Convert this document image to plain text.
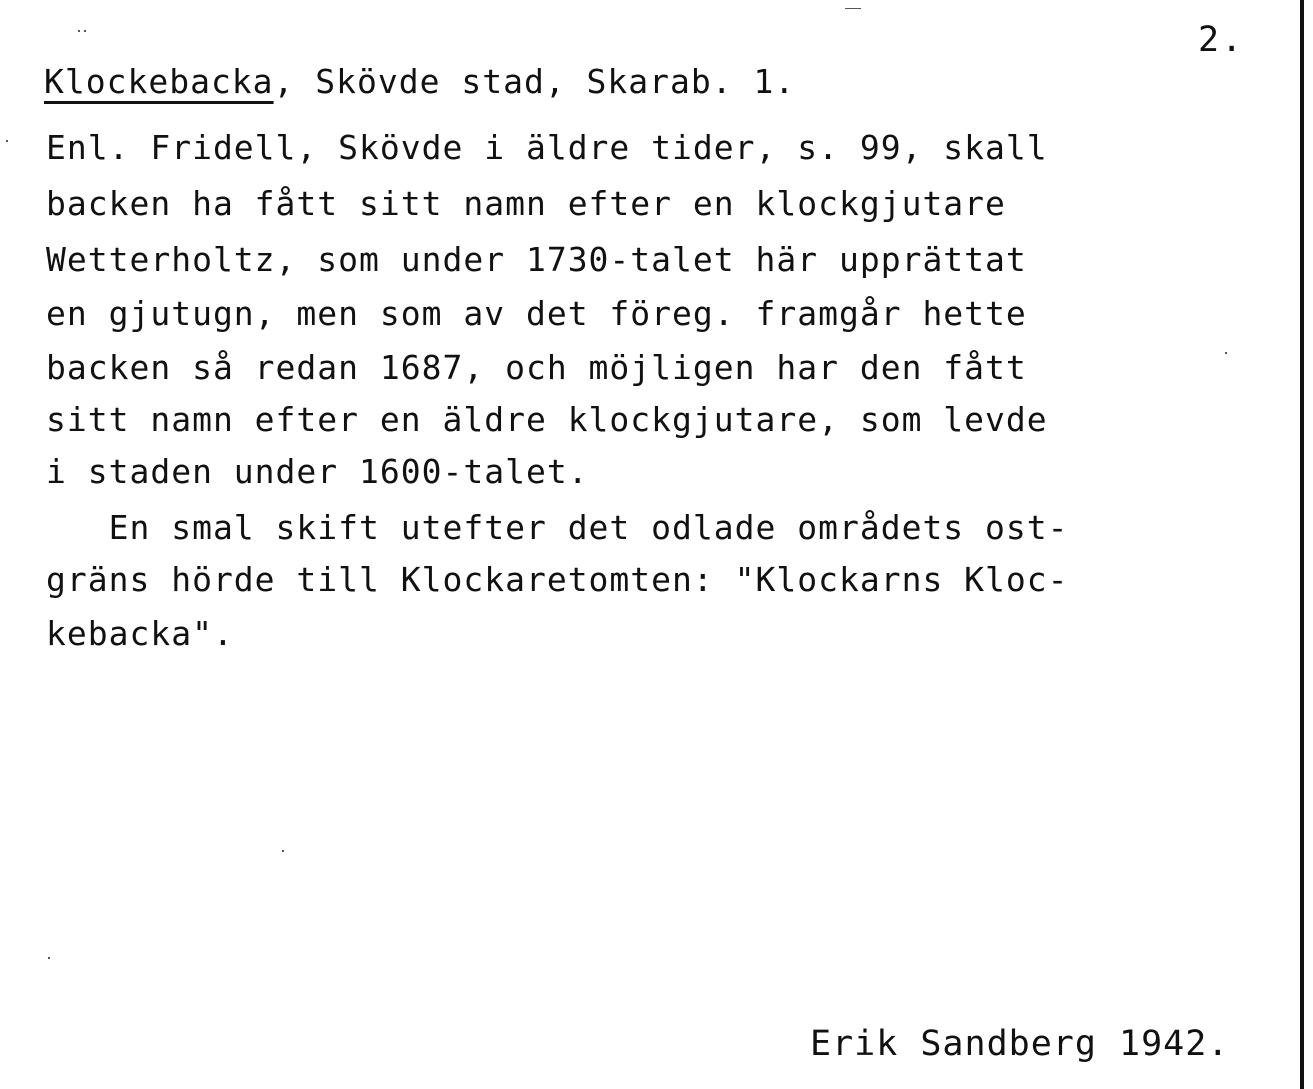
2.
Klockebacka, Skövde stad, Skarab. 1.
Enl. Fridell, Skövde i äldre tider, s. 99, skall
backen ha fått sitt namn efter en klockgjutare
Wetterholtz, som under 1730-talet här upprättat
en gjutugn, men som av det föreg. framgår hette
backen så redan 1687, och möjligen har den fått
sitt namn efter en äldre klockgjutare, som levde
i staden under 1600-talet.
En smal skift utefter det odlade områdets ost-
gräns hörde till Klockaretomten: "Klockarns Kloc-
kebacka".
Erik Sandberg 1942.
